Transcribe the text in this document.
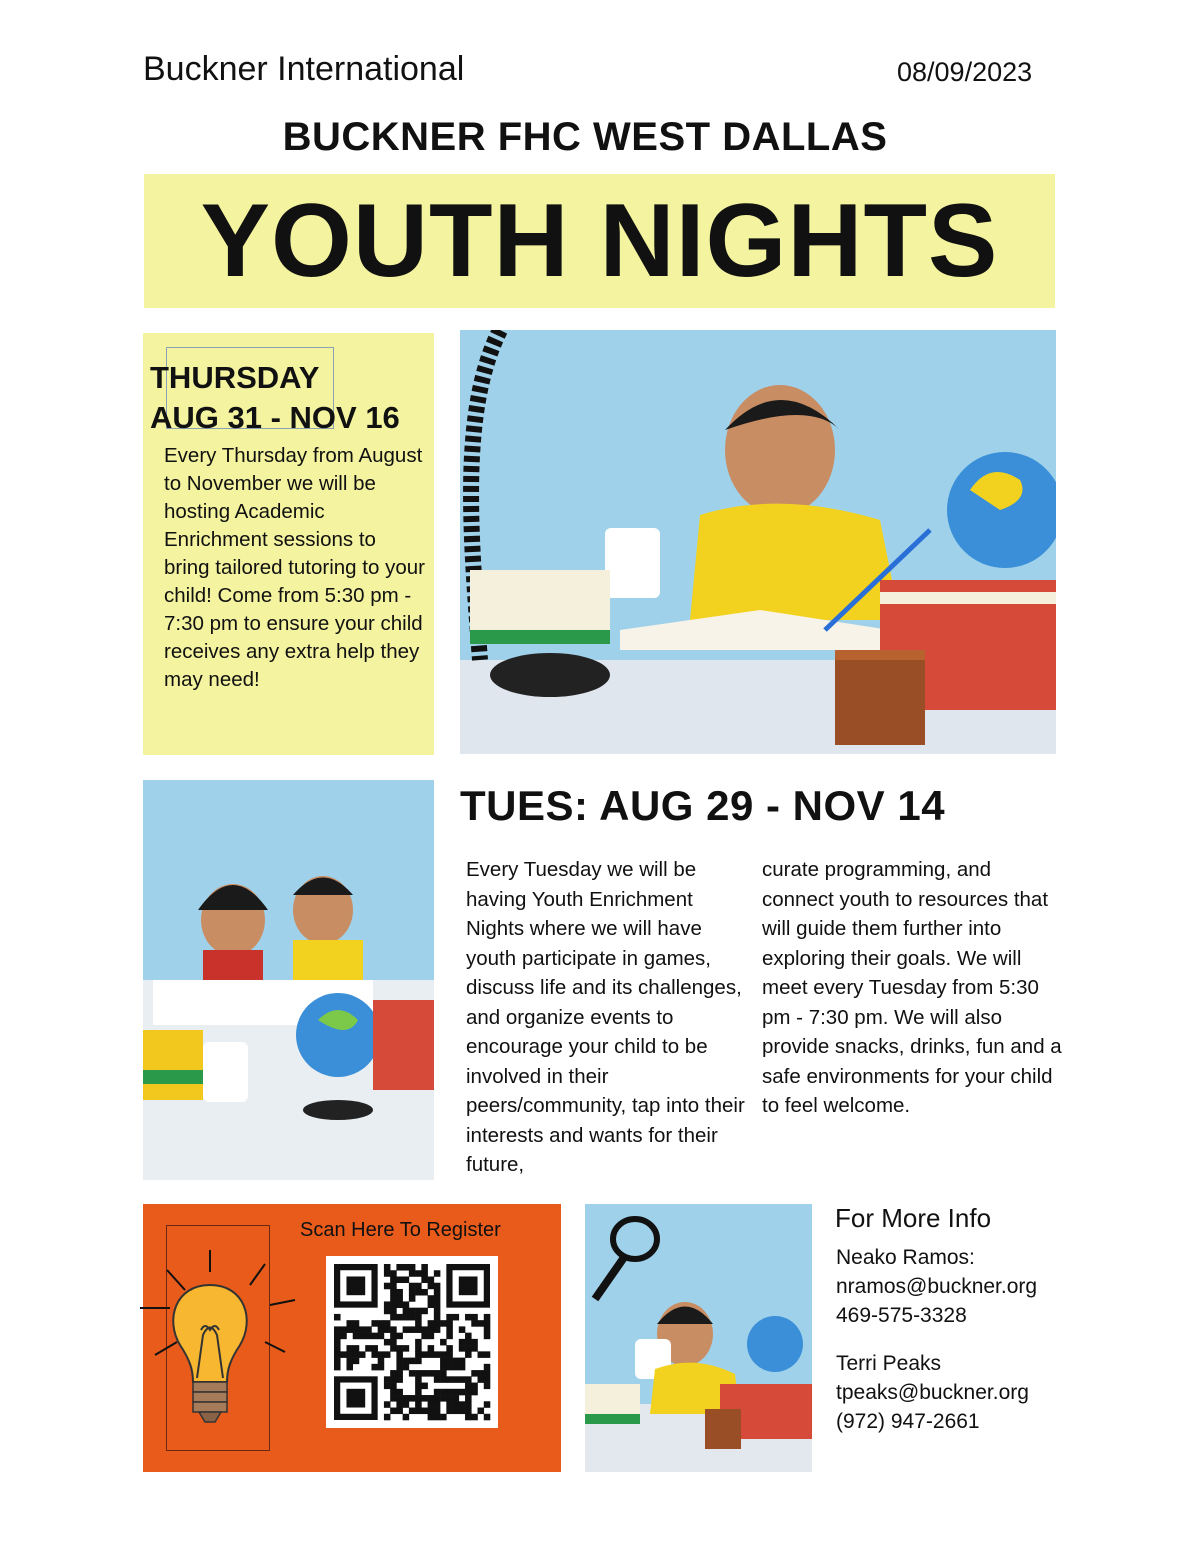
Buckner International	08/09/2023
BUCKNER FHC WEST DALLAS
YOUTH NIGHTS
THURSDAY
AUG 31 - NOV 16
Every Thursday from August to November we will be hosting Academic Enrichment sessions to bring tailored tutoring to your child! Come from 5:30 pm - 7:30 pm to ensure your child receives any extra help they may need!
TUES: AUG 29 - NOV 14
Every Tuesday we will be having Youth Enrichment Nights where we will have youth participate in games, discuss life and its challenges, and organize events to encourage your child to be involved in their peers/community, tap into their interests and wants for their future,
curate programming, and connect youth to resources that will guide them further into exploring their goals. We will meet every Tuesday from 5:30 pm - 7:30 pm. We will also provide snacks, drinks, fun and a safe environments for your child to feel welcome.
Scan Here To Register	For More Info
Neako Ramos:
nramos@buckner.org
469-575-3328
Terri Peaks
tpeaks@buckner.org
(972) 947-2661
